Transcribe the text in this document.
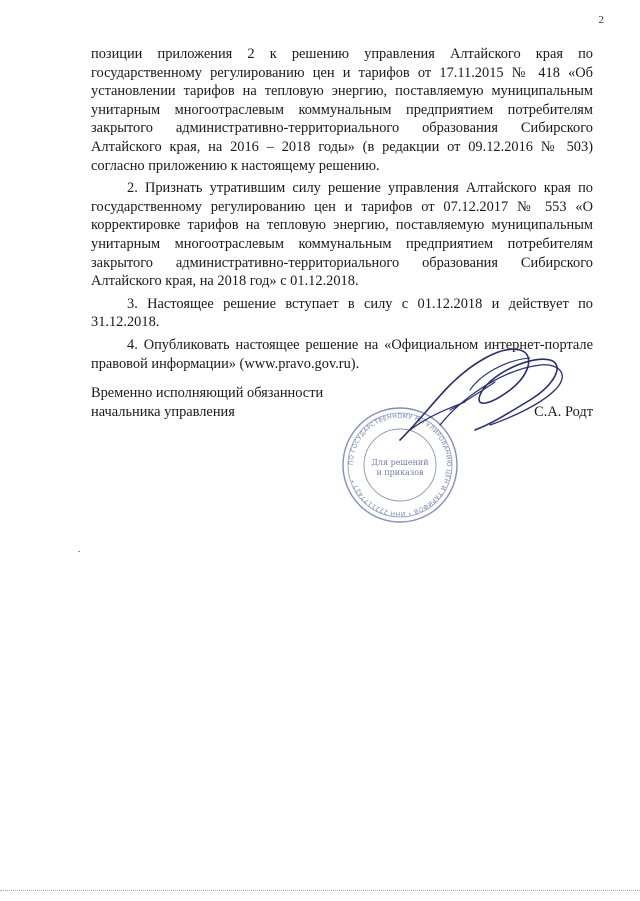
2

позиции приложения 2 к решению управления Алтайского края по государственному регулированию цен и тарифов от 17.11.2015 № 418 «Об установлении тарифов на тепловую энергию, поставляемую муниципальным унитарным многоотраслевым коммунальным предприятием потребителям закрытого административно-территориального образования Сибирского Алтайского края, на 2016 – 2018 годы» (в редакции от 09.12.2016 № 503) согласно приложению к настоящему решению.

2. Признать утратившим силу решение управления Алтайского края по государственному регулированию цен и тарифов от 07.12.2017 № 553 «О корректировке тарифов на тепловую энергию, поставляемую муниципальным унитарным многоотраслевым коммунальным предприятием потребителям закрытого административно-территориального образования Сибирского Алтайского края, на 2018 год» с 01.12.2018.

3. Настоящее решение вступает в силу с 01.12.2018 и действует по 31.12.2018.

4. Опубликовать настоящее решение на «Официальном интернет-портале правовой информации» (www.pravo.gov.ru).

Временно исполняющий обязанности
начальника управления	С.А. Родт
ПО ГОСУДАРСТВЕННОМУ РЕГУЛИРОВАНИЮ ЦЕН И ТАРИФОВ * ИНН 2221177427 *
Для решений
и приказов
